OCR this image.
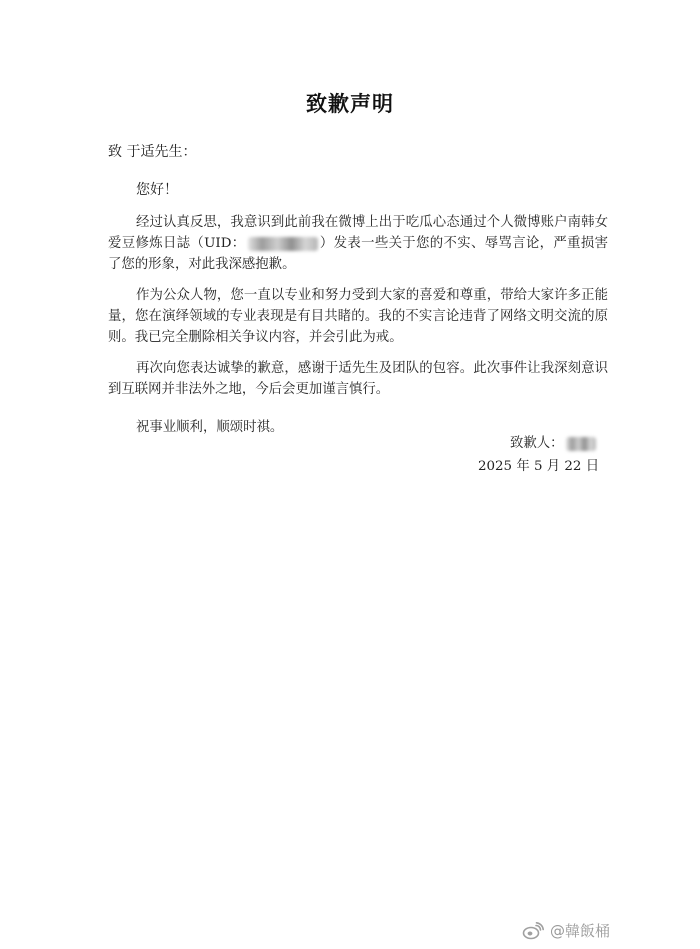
致歉声明
致 于适先生：
您好！

经过认真反思，我意识到此前我在微博上出于吃瓜心态通过个人微博账户南韩女爱豆修炼日誌（UID：	）发表一些关于您的不实、辱骂言论，严重损害了您的形象，对此我深感抱歉。

作为公众人物，您一直以专业和努力受到大家的喜爱和尊重，带给大家许多正能量，您在演绎领域的专业表现是有目共睹的。我的不实言论违背了网络文明交流的原则。我已完全删除相关争议内容，并会引此为戒。

再次向您表达诚挚的歉意，感谢于适先生及团队的包容。此次事件让我深刻意识到互联网并非法外之地，今后会更加谨言慎行。

祝事业顺利，顺颂时祺。
致歉人：
2025 年 5 月 22 日
@韓飯桶
